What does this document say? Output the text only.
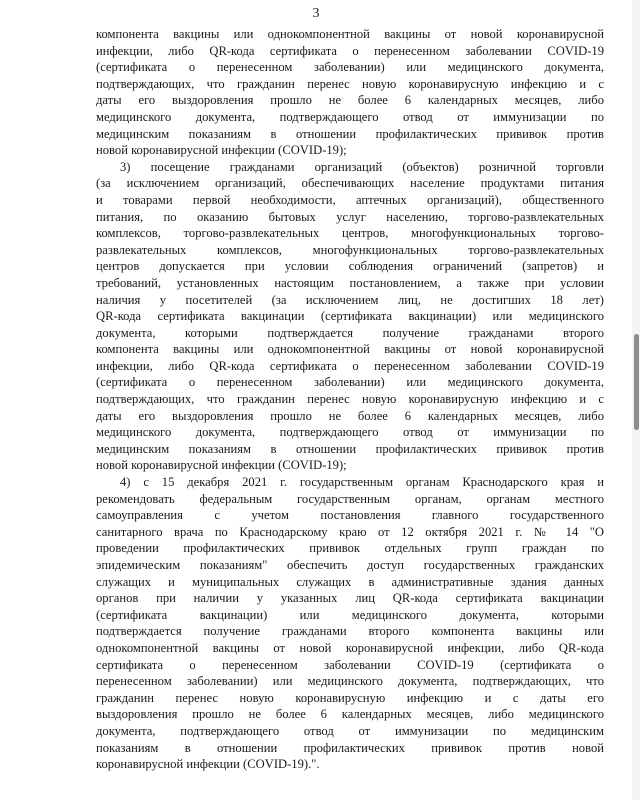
3
компонента вакцины или однокомпонентной вакцины от новой коронавирусной
инфекции, либо QR-кода сертификата о перенесенном заболевании COVID-19
(сертификата о перенесенном заболевании) или медицинского документа,
подтверждающих, что гражданин перенес новую коронавирусную инфекцию и с
даты его выздоровления прошло не более 6 календарных месяцев, либо
медицинского документа, подтверждающего отвод от иммунизации по
медицинским показаниям в отношении профилактических прививок против
новой коронавирусной инфекции (COVID-19);
3) посещение гражданами организаций (объектов) розничной торговли
(за исключением организаций, обеспечивающих население продуктами питания
и товарами первой необходимости, аптечных организаций), общественного
питания, по оказанию бытовых услуг населению, торгово-развлекательных
комплексов, торгово-развлекательных центров, многофункциональных торгово-
развлекательных комплексов, многофункциональных торгово-развлекательных
центров допускается при условии соблюдения ограничений (запретов) и
требований, установленных настоящим постановлением, а также при условии
наличия у посетителей (за исключением лиц, не достигших 18 лет)
QR-кода сертификата вакцинации (сертификата вакцинации) или медицинского
документа, которыми подтверждается получение гражданами второго
компонента вакцины или однокомпонентной вакцины от новой коронавирусной
инфекции, либо QR-кода сертификата о перенесенном заболевании COVID-19
(сертификата о перенесенном заболевании) или медицинского документа,
подтверждающих, что гражданин перенес новую коронавирусную инфекцию и с
даты его выздоровления прошло не более 6 календарных месяцев, либо
медицинского документа, подтверждающего отвод от иммунизации по
медицинским показаниям в отношении профилактических прививок против
новой коронавирусной инфекции (COVID-19);
4) с 15 декабря 2021 г. государственным органам Краснодарского края и
рекомендовать федеральным государственным органам, органам местного
самоуправления с учетом постановления главного государственного
санитарного врача по Краснодарскому краю от 12 октября 2021 г. № 14 "О
проведении профилактических прививок отдельных групп граждан по
эпидемическим показаниям" обеспечить доступ государственных гражданских
служащих и муниципальных служащих в административные здания данных
органов при наличии у указанных лиц QR-кода сертификата вакцинации
(сертификата вакцинации) или медицинского документа, которыми
подтверждается получение гражданами второго компонента вакцины или
однокомпонентной вакцины от новой коронавирусной инфекции, либо QR-кода
сертификата о перенесенном заболевании COVID-19 (сертификата о
перенесенном заболевании) или медицинского документа, подтверждающих, что
гражданин перенес новую коронавирусную инфекцию и с даты его
выздоровления прошло не более 6 календарных месяцев, либо медицинского
документа, подтверждающего отвод от иммунизации по медицинским
показаниям в отношении профилактических прививок против новой
коронавирусной инфекции (COVID-19).".
